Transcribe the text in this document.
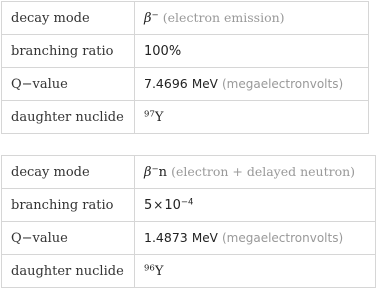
decay mode	β− (electron emission)
branching ratio	100%
Q−value	7.4696 MeV (megaelectronvolts)
daughter nuclide	$^{97}$Y
decay mode	β−n (electron + delayed neutron)
branching ratio	$5\times 10^{-4}$
Q−value	1.4873 MeV (megaelectronvolts)
daughter nuclide	$^{96}$Y
